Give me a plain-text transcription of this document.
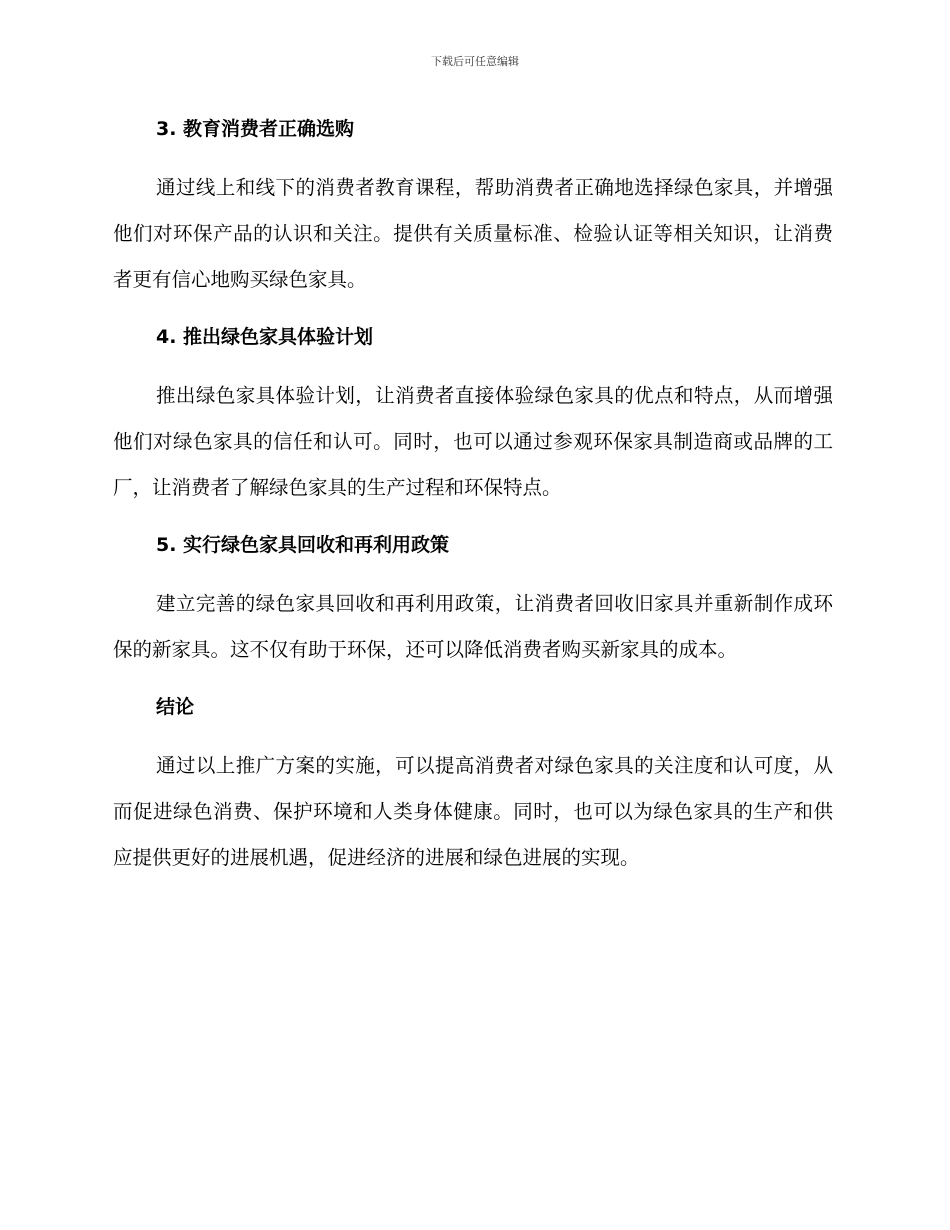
下载后可任意编辑
3. 教育消费者正确选购

通过线上和线下的消费者教育课程，帮助消费者正确地选择绿色家具，并增强他们对环保产品的认识和关注。提供有关质量标准、检验认证等相关知识，让消费者更有信心地购买绿色家具。

4. 推出绿色家具体验计划

推出绿色家具体验计划，让消费者直接体验绿色家具的优点和特点，从而增强他们对绿色家具的信任和认可。同时，也可以通过参观环保家具制造商或品牌的工厂，让消费者了解绿色家具的生产过程和环保特点。

5. 实行绿色家具回收和再利用政策

建立完善的绿色家具回收和再利用政策，让消费者回收旧家具并重新制作成环保的新家具。这不仅有助于环保，还可以降低消费者购买新家具的成本。

结论

通过以上推广方案的实施，可以提高消费者对绿色家具的关注度和认可度，从而促进绿色消费、保护环境和人类身体健康。同时，也可以为绿色家具的生产和供应提供更好的进展机遇，促进经济的进展和绿色进展的实现。
